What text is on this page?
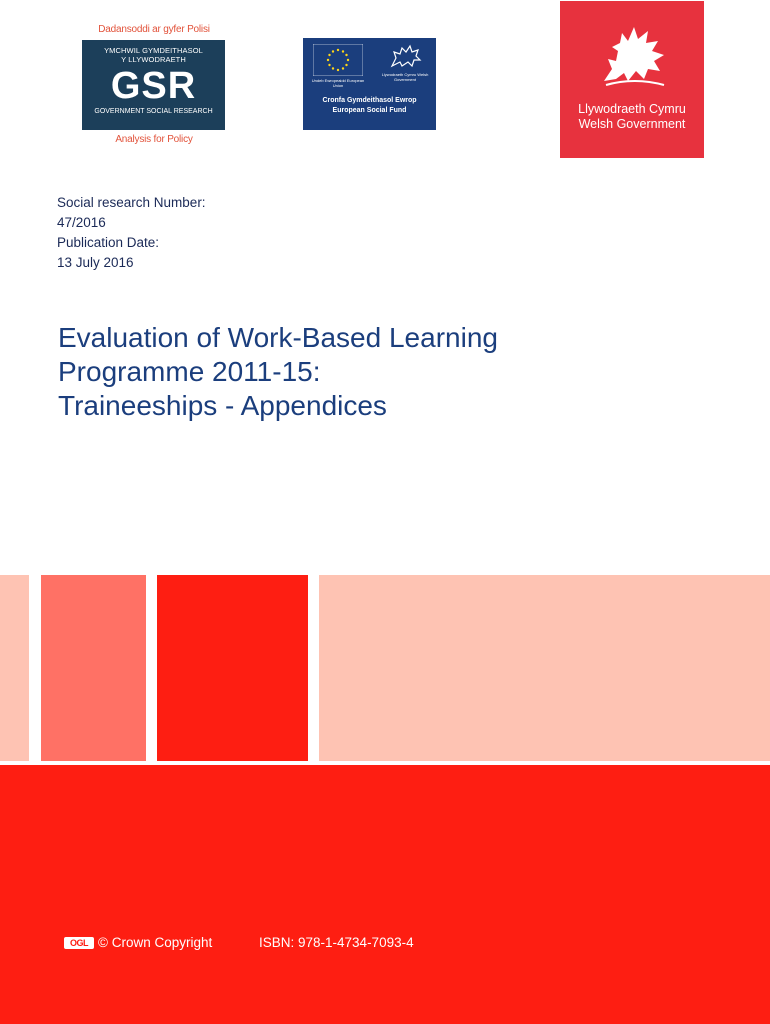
Dadansoddi ar gyfer Polisi
YMCHWIL GYMDEITHASOL
Y LLYWODRAETH
GSR
GOVERNMENT SOCIAL RESEARCH
Analysis for Policy
Undeb Ewropeaidd European Union
Llywodraeth Cymru Welsh Government
Cronfa Gymdeithasol Ewrop
European Social Fund	Llywodraeth Cymru
Welsh Government
Social research Number:
47/2016
Publication Date:
13 July 2016
Evaluation of Work-Based Learning
Programme 2011-15:
Traineeships - Appendices
OGL © Crown Copyright	ISBN: 978-1-4734-7093-4
